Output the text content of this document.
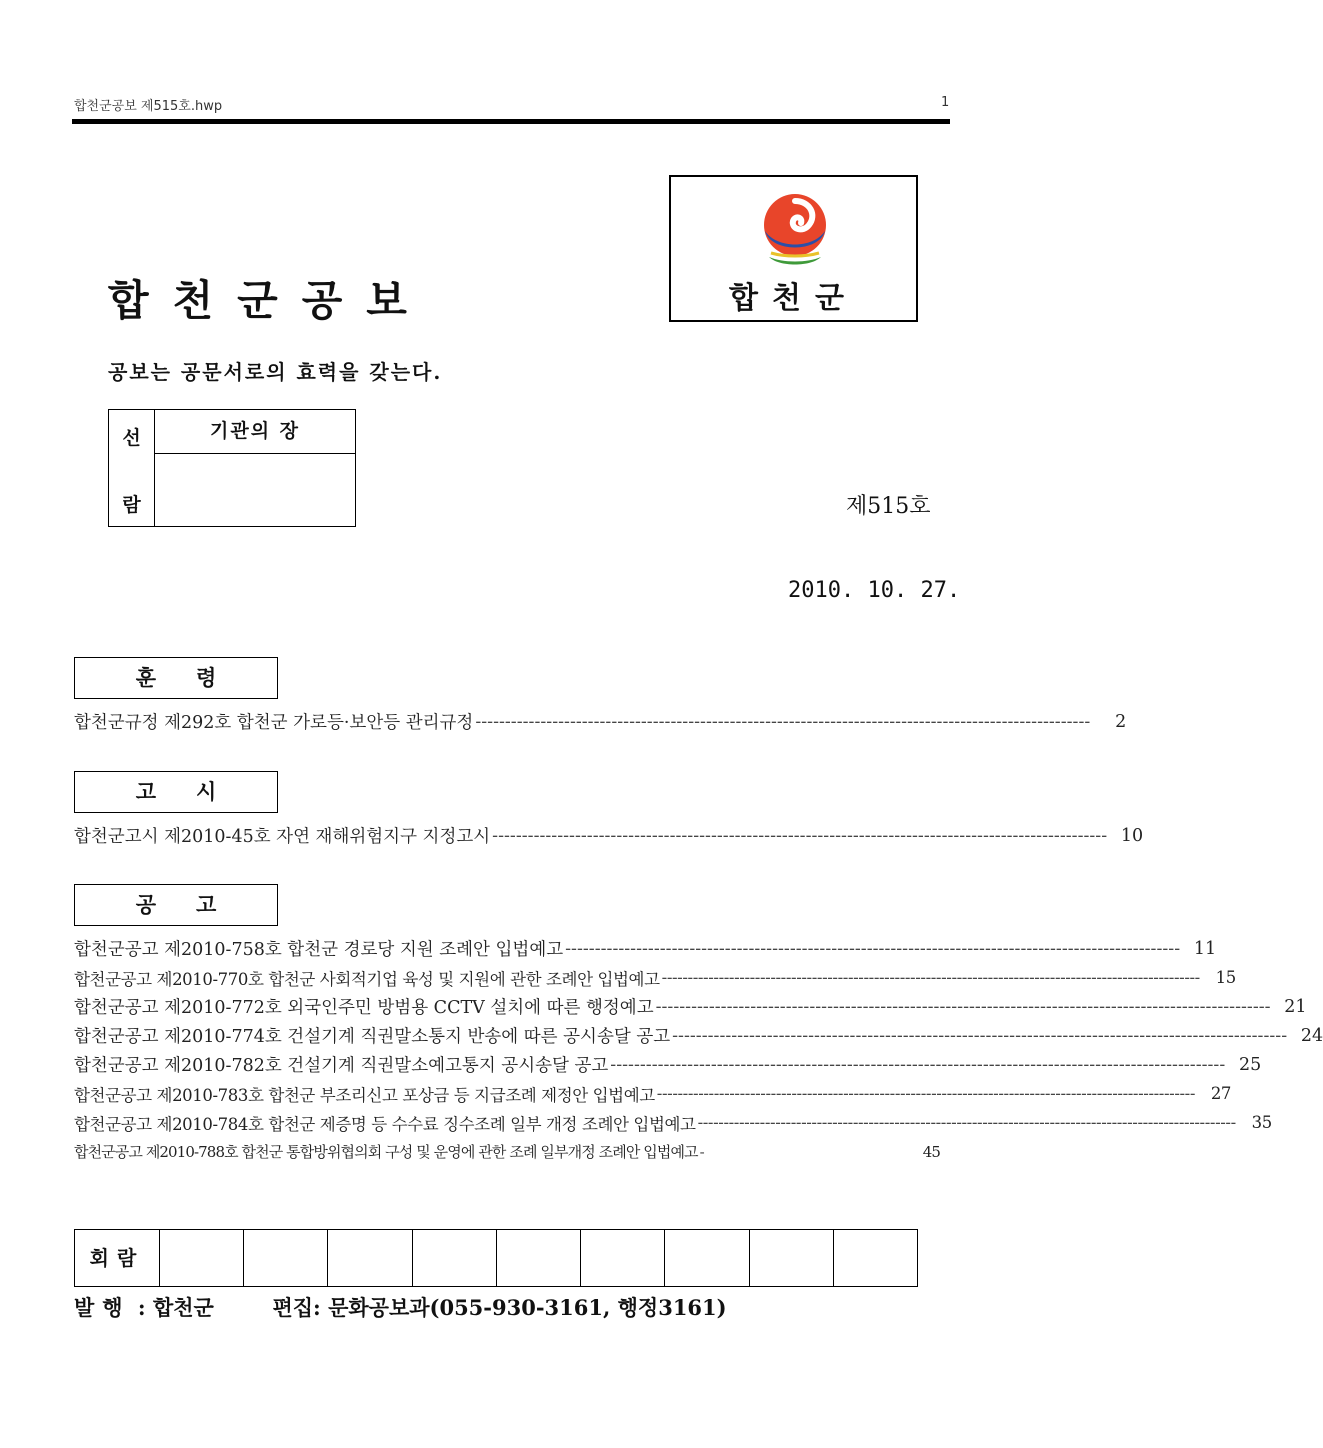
합천군공보 제515호.hwp	1
합천군공보
공보는 공문서로의 효력을 갖는다.
합천군
선
람
기관의 장
제515호
2010. 10. 27.
훈령
합천군규정 제292호 합천군 가로등·보안등 관리규정 --------------------------------------------------------------------------------------------------------	2
고시
합천군고시 제2010-45호 자연 재해위험지구 지정고시 -------------------------------------------------------------------------------------------------------- 10
공고
합천군공고 제2010-758호 합천군 경로당 지원 조례안 입법예고 -------------------------------------------------------------------------------------------------------- 11
합천군공고 제2010-770호 합천군 사회적기업 육성 및 지원에 관한 조례안 입법예고 -------------------------------------------------------------------------------------------------------- 15
합천군공고 제2010-772호 외국인주민 방범용 CCTV 설치에 따른 행정예고 -------------------------------------------------------------------------------------------------------- 21
합천군공고 제2010-774호 건설기계 직권말소통지 반송에 따른 공시송달 공고 -------------------------------------------------------------------------------------------------------- 24
합천군공고 제2010-782호 건설기계 직권말소예고통지 공시송달 공고 -------------------------------------------------------------------------------------------------------- 25
합천군공고 제2010-783호 합천군 부조리신고 포상금 등 지급조례 제정안 입법예고 -------------------------------------------------------------------------------------------------------- 27
합천군공고 제2010-784호 합천군 제증명 등 수수료 징수조례 일부 개정 조례안 입법예고 -------------------------------------------------------------------------------------------------------- 35
합천군공고 제2010-788호 합천군 통합방위협의회 구성 및 운영에 관한 조례 일부개정 조례안 입법예고 -	45
회람
발행 : 합천군	편집: 문화공보과(055-930-3161, 행정3161)
